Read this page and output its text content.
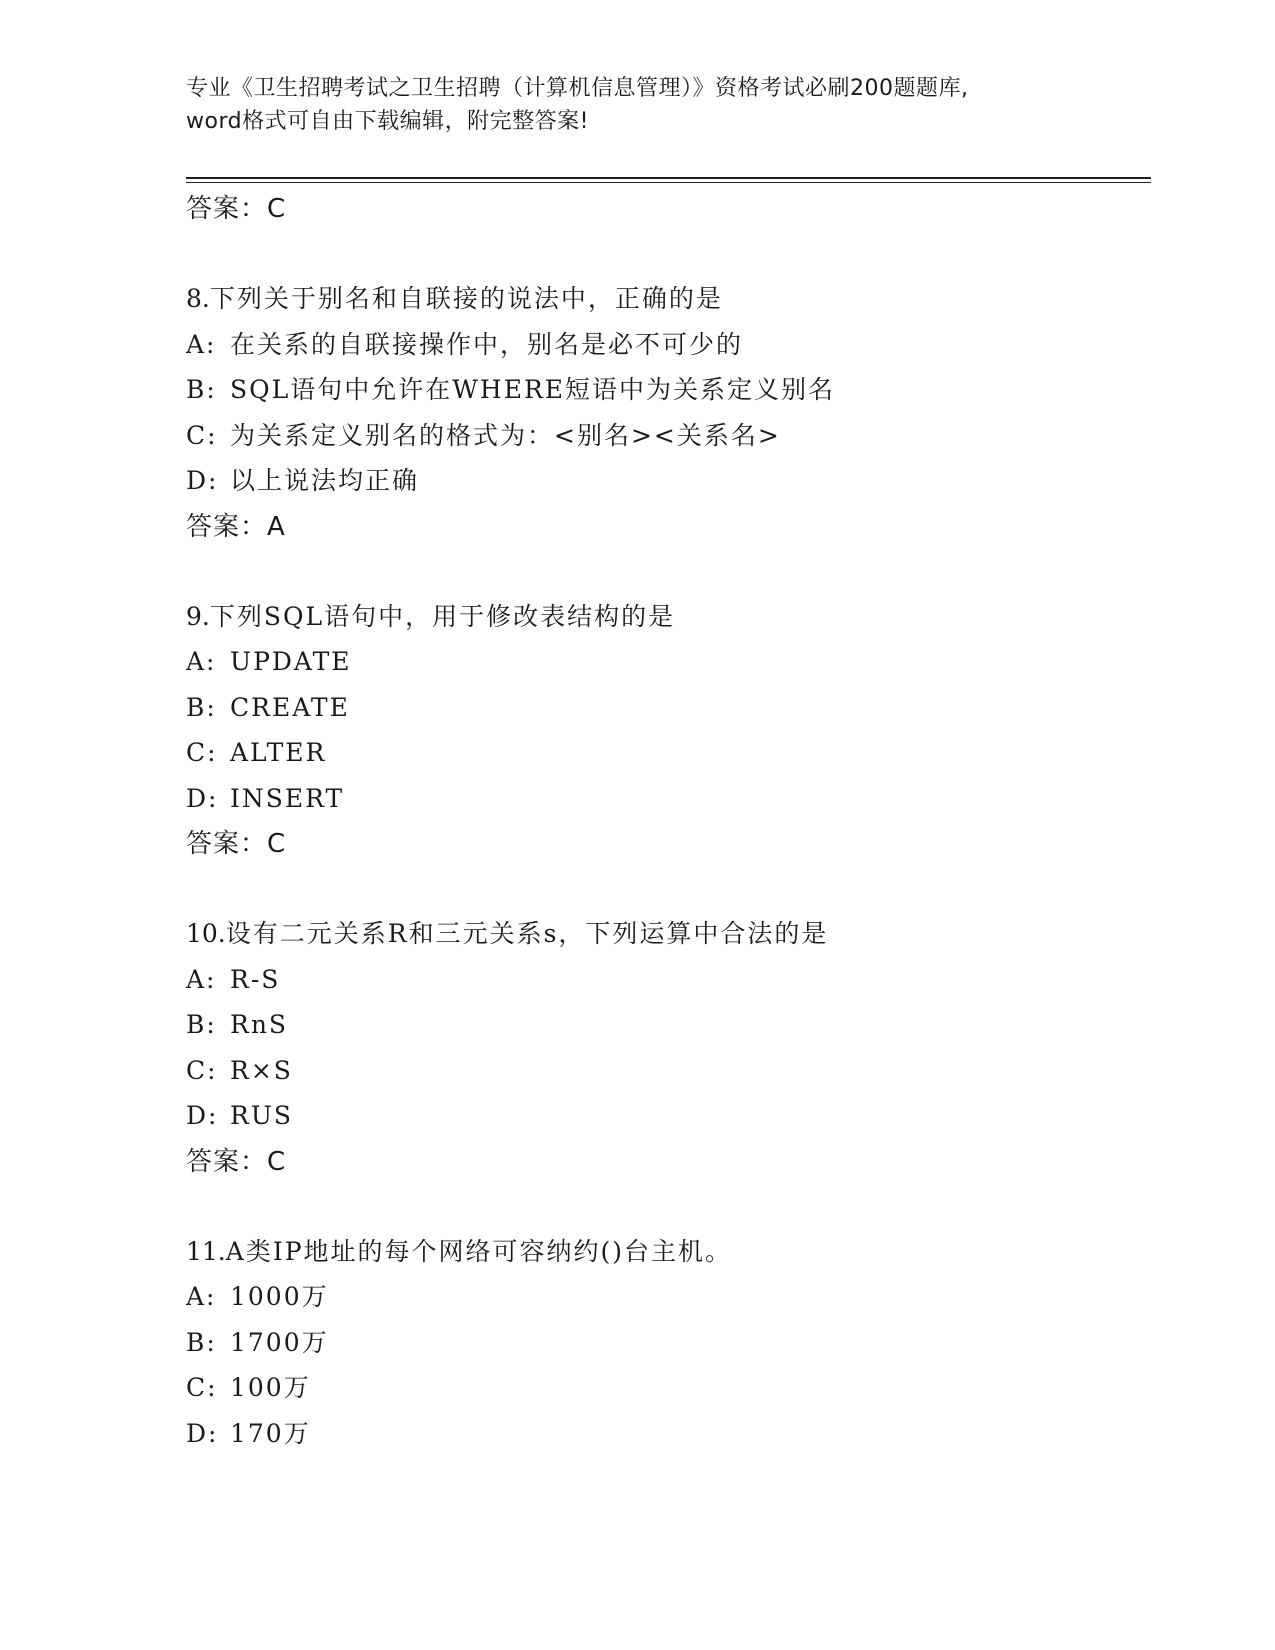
专业《卫生招聘考试之卫生招聘（计算机信息管理）》资格考试必刷200题题库,
word格式可自由下载编辑，附完整答案!
答案：C
8.下列关于别名和自联接的说法中，正确的是
A: 在关系的自联接操作中，别名是必不可少的
B: SQL语句中允许在WHERE短语中为关系定义别名
C: 为关系定义别名的格式为：<别名><关系名>
D: 以上说法均正确
答案：A
9.下列SQL语句中，用于修改表结构的是
A: UPDATE
B: CREATE
C: ALTER
D: INSERT
答案：C
10.设有二元关系R和三元关系s，下列运算中合法的是
A: R-S
B: RnS
C: R×S
D: RUS
答案：C
11.A类IP地址的每个网络可容纳约()台主机。
A: 1000万
B: 1700万
C: 100万
D: 170万
